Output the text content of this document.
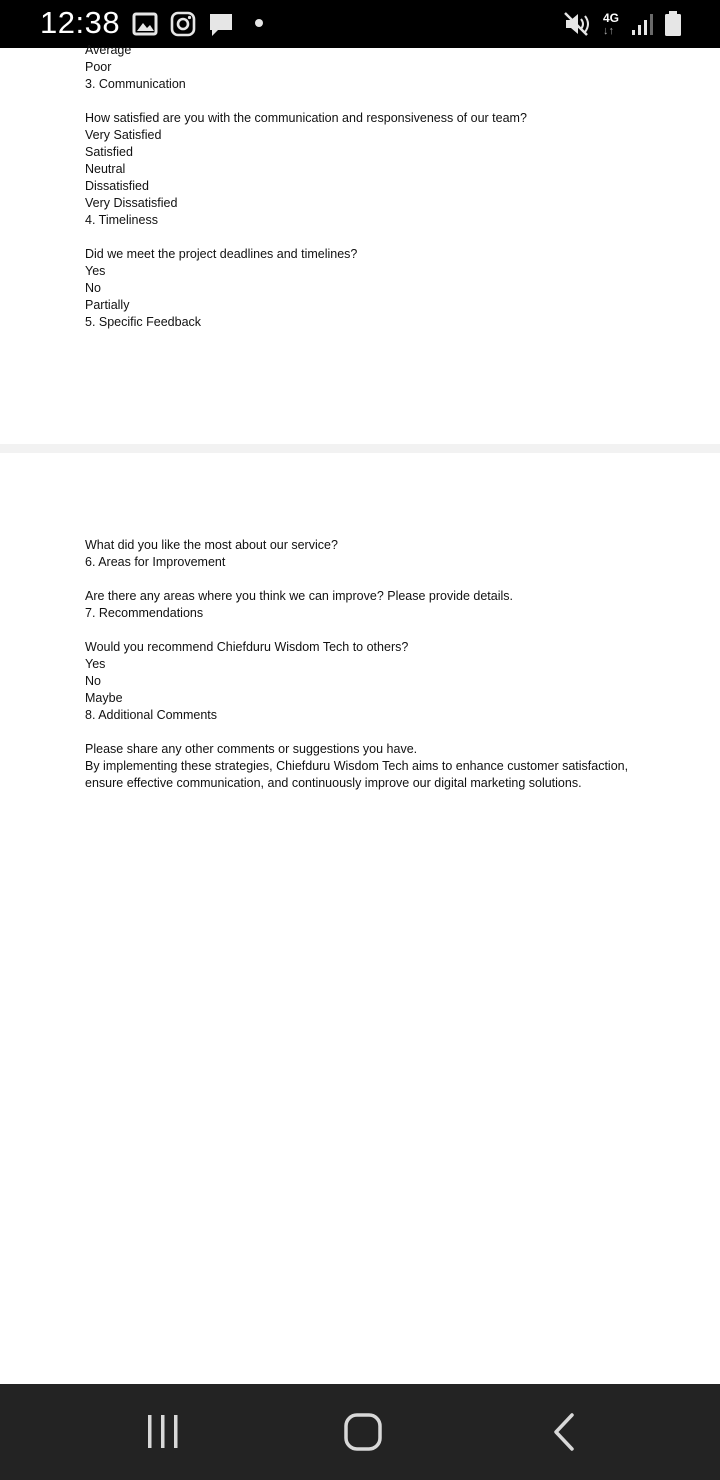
12:38	4G
↓↑
Average
Poor
3. Communication
How satisfied are you with the communication and responsiveness of our team?
Very Satisfied
Satisfied
Neutral
Dissatisfied
Very Dissatisfied
4. Timeliness
Did we meet the project deadlines and timelines?
Yes
No
Partially
5. Specific Feedback
What did you like the most about our service?
6. Areas for Improvement
Are there any areas where you think we can improve? Please provide details.
7. Recommendations
Would you recommend Chiefduru Wisdom Tech to others?
Yes
No
Maybe
8. Additional Comments
Please share any other comments or suggestions you have.
By implementing these strategies, Chiefduru Wisdom Tech aims to enhance customer satisfaction, ensure effective communication, and continuously improve our digital marketing solutions.
